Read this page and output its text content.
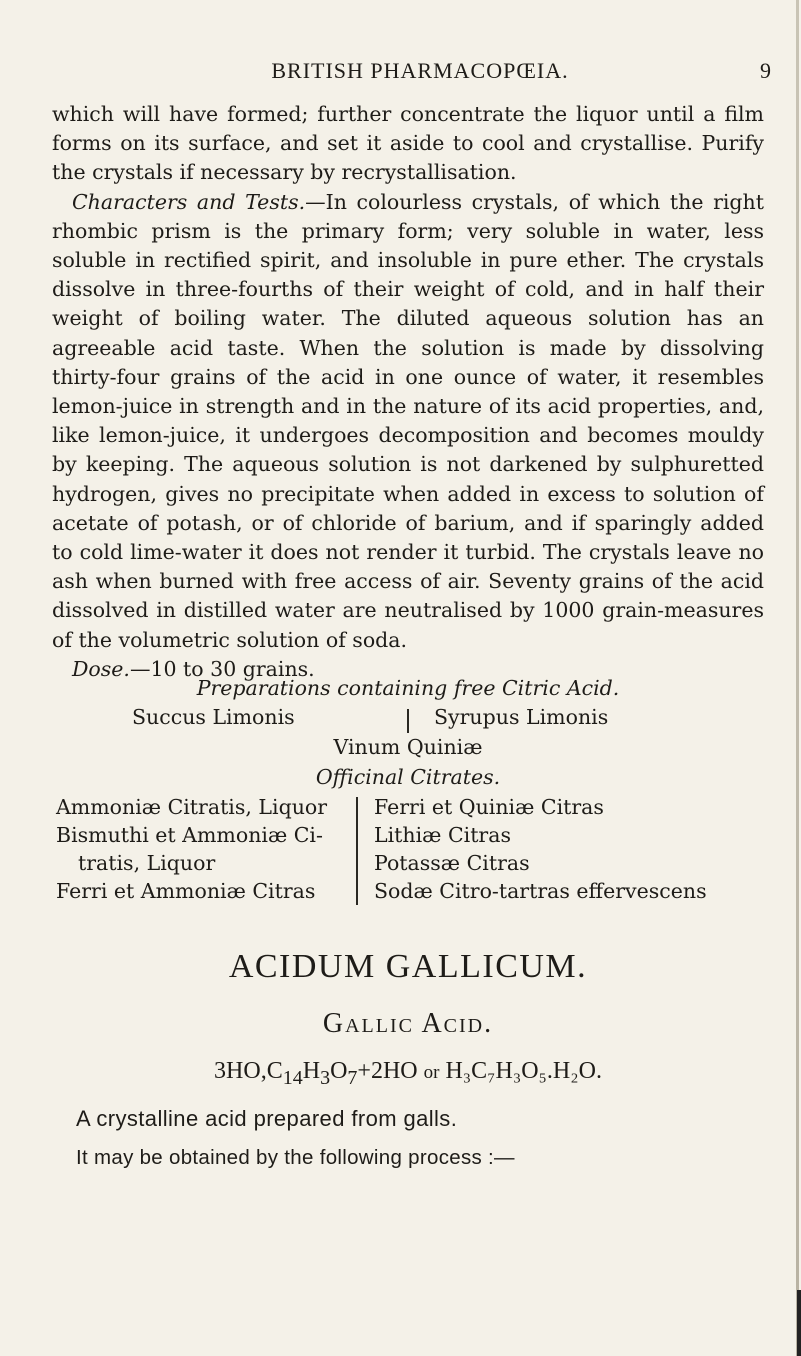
BRITISH PHARMACOPŒIA.	9

which will have formed; further concentrate the liquor until a film forms on its surface, and set it aside to cool and crystallise. Purify the crystals if necessary by recrystallisation.

Characters and Tests.—In colourless crystals, of which the right rhombic prism is the primary form; very soluble in water, less soluble in rectified spirit, and insoluble in pure ether. The crystals dissolve in three-fourths of their weight of cold, and in half their weight of boiling water. The diluted aqueous solution has an agreeable acid taste. When the solution is made by dissolving thirty-four grains of the acid in one ounce of water, it resembles lemon-juice in strength and in the nature of its acid properties, and, like lemon-juice, it undergoes decomposition and becomes mouldy by keeping. The aqueous solution is not darkened by sulphuretted hydrogen, gives no precipitate when added in excess to solution of acetate of potash, or of chloride of barium, and if sparingly added to cold lime-water it does not render it turbid. The crystals leave no ash when burned with free access of air. Seventy grains of the acid dissolved in distilled water are neutralised by 1000 grain-measures of the volumetric solution of soda.

Dose.—10 to 30 grains.

Preparations containing free Citric Acid.
Succus Limonis	Syrupus Limonis
Vinum Quiniæ
Officinal Citrates.
Ammoniæ Citratis, Liquor
Bismuthi et Ammoniæ Ci-
tratis, Liquor
Ferri et Ammoniæ Citras
Ferri et Quiniæ Citras
Lithiæ Citras
Potassæ Citras
Sodæ Citro-tartras effervescens
ACIDUM GALLICUM.
Gallic Acid.
$3HO,C_{14}H_3O_7+2HO$ or H₃C₇H₃O₅.H₂O.
A crystalline acid prepared from galls.
It may be obtained by the following process :—
